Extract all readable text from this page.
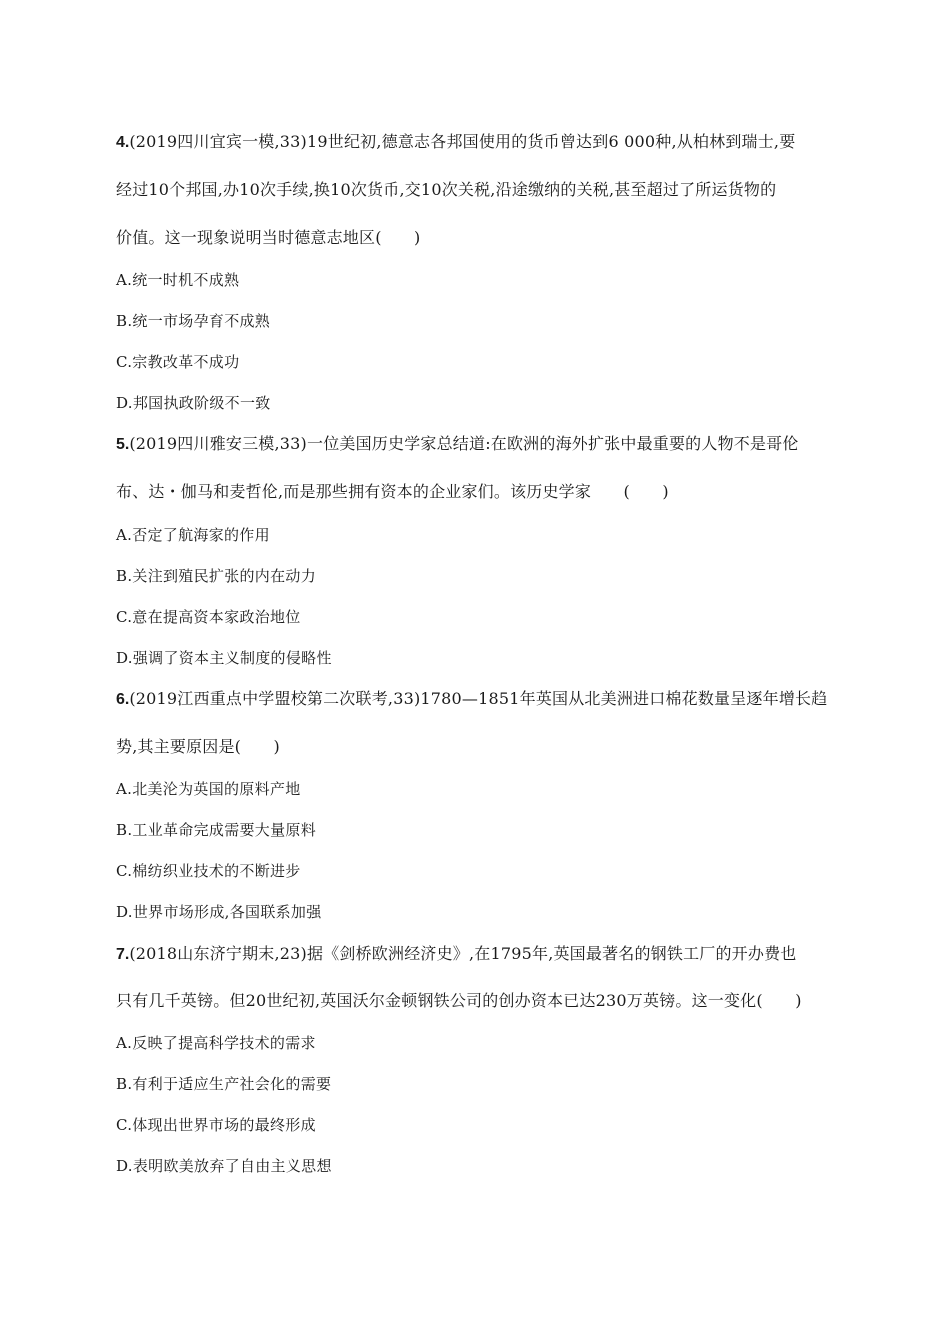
4.(2019四川宜宾一模,33)19世纪初,德意志各邦国使用的货币曾达到6 000种,从柏林到瑞士,要
经过10个邦国,办10次手续,换10次货币,交10次关税,沿途缴纳的关税,甚至超过了所运货物的
价值。这一现象说明当时德意志地区(　　)
A.统一时机不成熟
B.统一市场孕育不成熟
C.宗教改革不成功
D.邦国执政阶级不一致
5.(2019四川雅安三模,33)一位美国历史学家总结道:在欧洲的海外扩张中最重要的人物不是哥伦
布、达・伽马和麦哲伦,而是那些拥有资本的企业家们。该历史学家　　(　　)
A.否定了航海家的作用
B.关注到殖民扩张的内在动力
C.意在提高资本家政治地位
D.强调了资本主义制度的侵略性
6.(2019江西重点中学盟校第二次联考,33)1780—1851年英国从北美洲进口棉花数量呈逐年增长趋
势,其主要原因是(　　)
A.北美沦为英国的原料产地
B.工业革命完成需要大量原料
C.棉纺织业技术的不断进步
D.世界市场形成,各国联系加强
7.(2018山东济宁期末,23)据《剑桥欧洲经济史》,在1795年,英国最著名的钢铁工厂的开办费也
只有几千英镑。但20世纪初,英国沃尔金顿钢铁公司的创办资本已达230万英镑。这一变化(　　)
A.反映了提高科学技术的需求
B.有利于适应生产社会化的需要
C.体现出世界市场的最终形成
D.表明欧美放弃了自由主义思想
